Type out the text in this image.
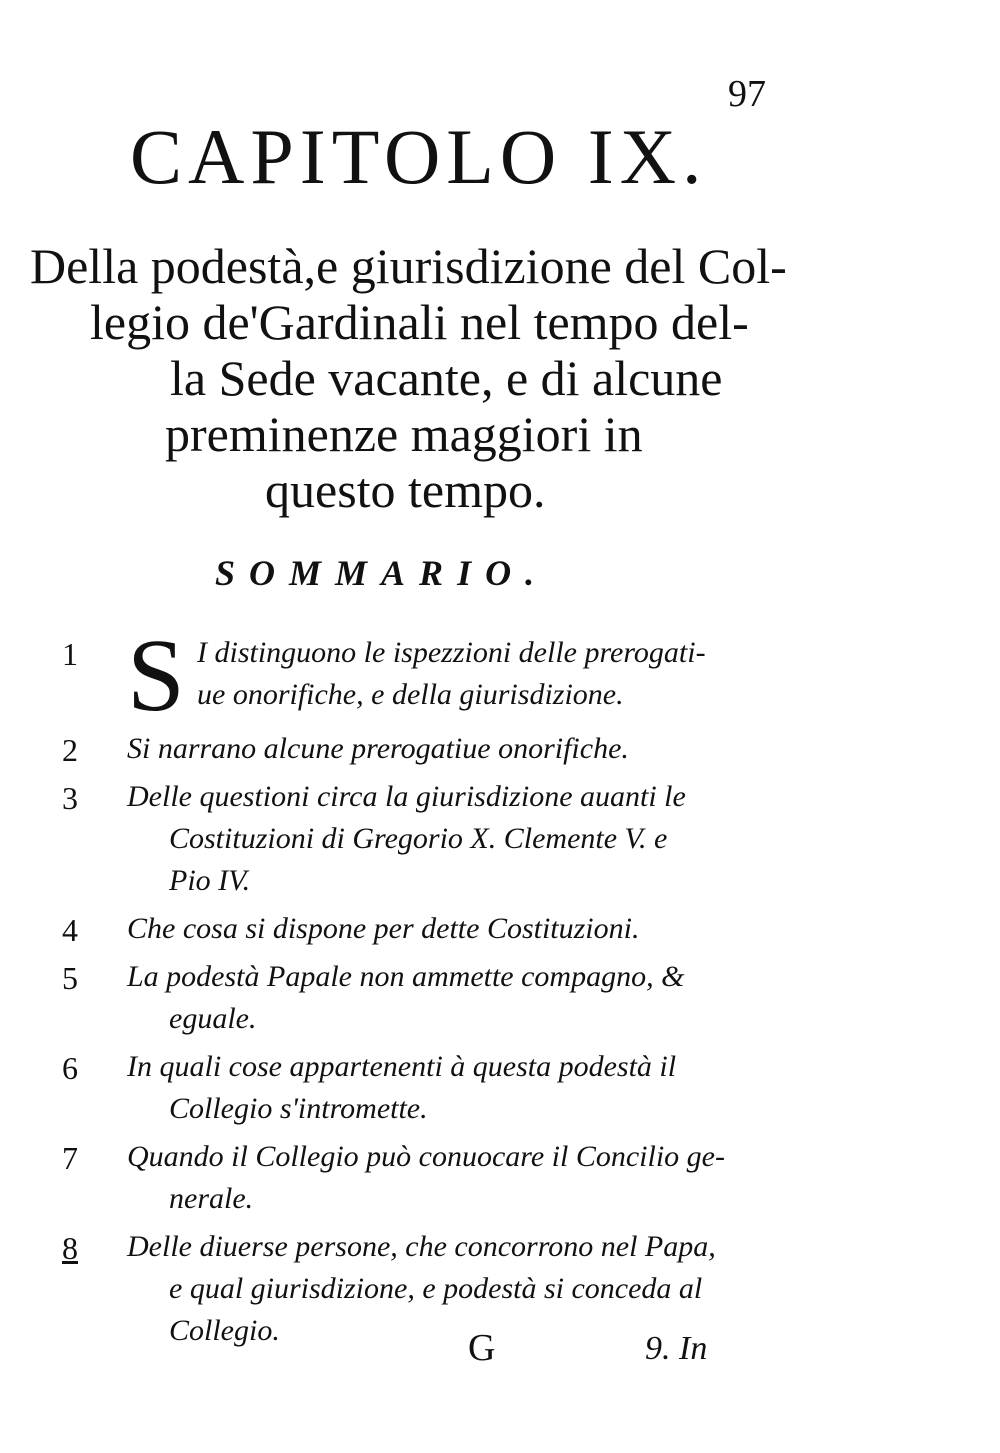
97
CAPITOLO IX.
Della podestà,e giurisdizione del Col-
legio de'Gardinali nel tempo del-
la Sede vacante, e di alcune
preminenze maggiori in
questo tempo.
SOMMARIO.
1 S I distinguono le ispezzioni delle prerogati-
ue onorifiche, e della giurisdizione.
2	Si narrano alcune prerogatiue onorifiche.
3	Delle questioni circa la giurisdizione auanti le
Costituzioni di Gregorio X. Clemente V. e
Pio IV.
4	Che cosa si dispone per dette Costituzioni.
5	La podestà Papale non ammette compagno, &
eguale.
6	In quali cose appartenenti à questa podestà il
Collegio s'intromette.
7	Quando il Collegio può conuocare il Concilio ge-
nerale.
8	Delle diuerse persone, che concorrono nel Papa,
e qual giurisdizione, e podestà si conceda al
Collegio.	G	9. In
